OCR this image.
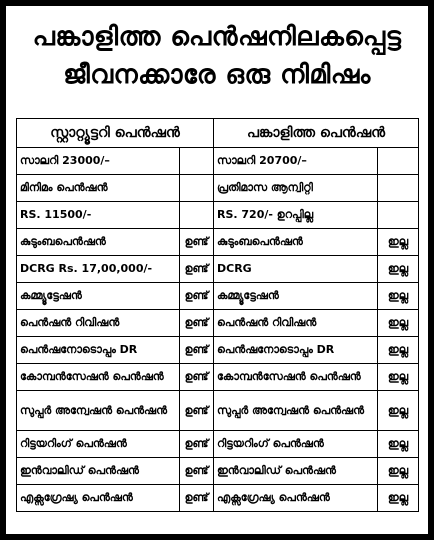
പങ്കാളിത്ത പെൻഷനിലകപ്പെട്ട
ജീവനക്കാരേ ഒരു നിമിഷം
സ്റ്റാറ്റ്യൂട്ടറി പെൻഷൻ		പങ്കാളിത്ത പെൻഷൻ	
സാലറി 23000/–		സാലറി 20700/–	
മിനിമം പെൻഷൻ		പ്രതിമാസ ആന്വിറ്റി	
RS. 11500/-		RS. 720/- ഉറപ്പില്ല	
കുടുംബപെൻഷൻ	ഉണ്ട്	കുടുംബപെൻഷൻ	ഇല്ല
DCRG Rs. 17,00,000/-	ഉണ്ട്	DCRG	ഇല്ല
കമ്മ്യൂട്ടേഷൻ	ഉണ്ട്	കമ്മ്യൂട്ടേഷൻ	ഇല്ല
പെൻഷൻ റിവിഷൻ	ഉണ്ട്	പെൻഷൻ റിവിഷൻ	ഇല്ല
പെൻഷനോടൊപ്പം DR	ഉണ്ട്	പെൻഷനോടൊപ്പം DR	ഇല്ല
കോമ്പൻസേഷൻ പെൻഷൻ	ഉണ്ട്	കോമ്പൻസേഷൻ പെൻഷൻ	ഇല്ല
സുപ്പർ അന്വേഷൻ പെൻഷൻ	ഉണ്ട്	സുപ്പർ അന്വേഷൻ പെൻഷൻ	ഇല്ല
റിട്ടയറിംഗ് പെൻഷൻ	ഉണ്ട്	റിട്ടയറിംഗ് പെൻഷൻ	ഇല്ല
ഇൻവാലിഡ് പെൻഷൻ	ഉണ്ട്	ഇൻവാലിഡ് പെൻഷൻ	ഇല്ല
എക്സഗ്രേഷ്യ പെൻഷൻ	ഉണ്ട്	എക്സഗ്രേഷ്യ പെൻഷൻ	ഇല്ല
